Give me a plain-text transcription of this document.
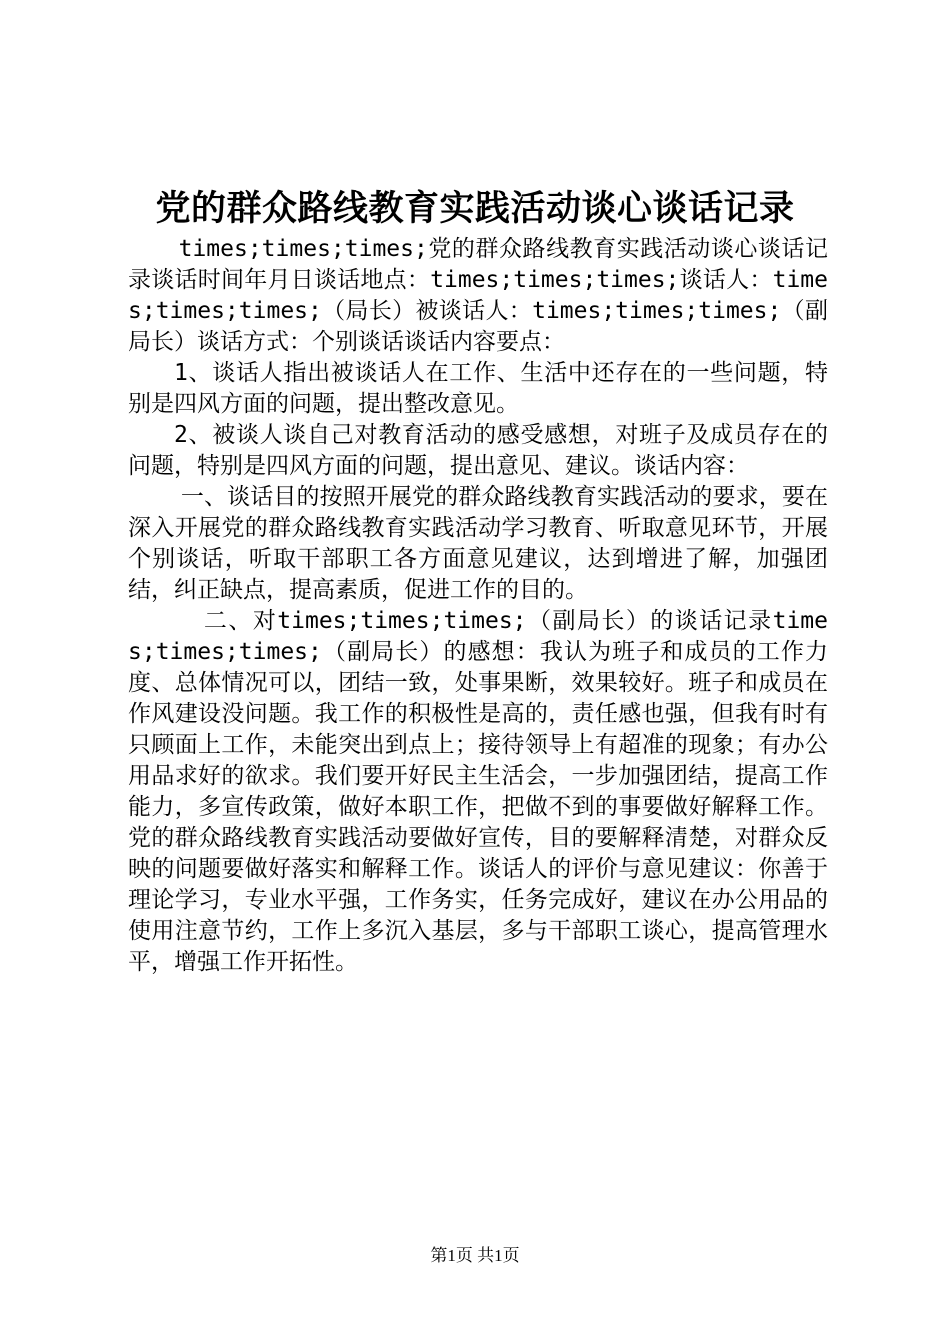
党的群众路线教育实践活动谈心谈话记录

times;times;times;党的群众路线教育实践活动谈心谈话记录谈话时间年月日谈话地点：times;times;times;谈话人：times;times;times;（局长）被谈话人：times;times;times;（副局长）谈话方式：个别谈话谈话内容要点：

1、谈话人指出被谈话人在工作、生活中还存在的一些问题，特别是四风方面的问题，提出整改意见。

2、被谈人谈自己对教育活动的感受感想，对班子及成员存在的问题，特别是四风方面的问题，提出意见、建议。谈话内容：

一、谈话目的按照开展党的群众路线教育实践活动的要求，要在深入开展党的群众路线教育实践活动学习教育、听取意见环节，开展个别谈话，听取干部职工各方面意见建议，达到增进了解，加强团结，纠正缺点，提高素质，促进工作的目的。

二、对times;times;times;（副局长）的谈话记录times;times;times;（副局长）的感想：我认为班子和成员的工作力度、总体情况可以，团结一致，处事果断，效果较好。班子和成员在作风建设没问题。我工作的积极性是高的，责任感也强，但我有时有只顾面上工作，未能突出到点上；接待领导上有超准的现象；有办公用品求好的欲求。我们要开好民主生活会，一步加强团结，提高工作能力，多宣传政策，做好本职工作，把做不到的事要做好解释工作。党的群众路线教育实践活动要做好宣传，目的要解释清楚，对群众反映的问题要做好落实和解释工作。谈话人的评价与意见建议：你善于理论学习，专业水平强，工作务实，任务完成好，建议在办公用品的使用注意节约，工作上多沉入基层，多与干部职工谈心，提高管理水平，增强工作开拓性。

第1页 共1页
